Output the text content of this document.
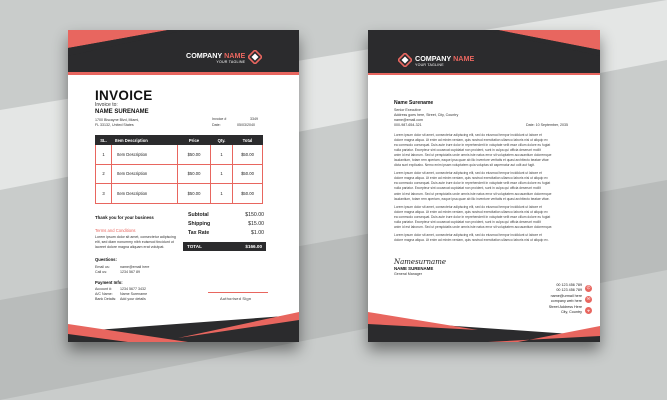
COMPANY NAME
YOUR TAGLINE
INVOICE
Invoice to:
NAME SURENAME
1700 Biscayne Blvd, Miami,
FL 33132, United States
Invoice #	3349
Date:	05/03/2040
SL.	Item Description	Price	Qty.	Total
1	Item Description	$50.00	1	$50.00
2	Item Description	$50.00	1	$50.00
3	Item Description	$50.00	1	$50.00
Thank you for your business
Terms and Conditions
Lorem ipsum dolor sit amet, consectetur adipiscing
elit, sed diam nonummy nibh euismod tincidunt ut
laoreet dolore magna aliquam erat volutpat.
Subtotal	$150.00
Shipping	$15.00
Tax Rate	$1.00
TOTAL	$166.00
Questions:
Email us:	name@email here
Call us:	1234 567 89
Payment Info:
Account #: 1234 5677 3432
A/C Name: Name Surename
Bank Details: Add your details	Authorised Sign
COMPANY NAME
YOUR TAGLINE
Name Surename
Senior Executive
Address goes here, Street, City, Country
name@email.com
000-987-654-321	Date: 10 September, 2035

Lorem ipsum dolor sit amet, consectetur adipiscing elit, sed do eiusmod tempor incididunt ut labore et
dolore magna aliqua. Ut enim ad minim veniam, quis nostrud exercitation ullamco laboris nisi ut aliquip ex
ea commodo consequat. Duis aute irure dolor in reprehenderit in voluptate velit esse cillum dolore eu fugiat
nulla pariatur. Excepteur sint occaecat cupidatat non proident, sunt in culpa qui officia deserunt mollit
anim id est laborum. Sed ut perspiciatis unde omnis iste natus error sit voluptatem accusantium doloremque
laudantium, totam rem aperiam, eaque ipsa quae ab illo inventore veritatis et quasi architecto beatae vitae
dicta sunt explicabo. Nemo enim ipsam voluptatem quia voluptas sit aspernatur aut odit aut fugit.

Lorem ipsum dolor sit amet, consectetur adipiscing elit, sed do eiusmod tempor incididunt ut labore et
dolore magna aliqua. Ut enim ad minim veniam, quis nostrud exercitation ullamco laboris nisi ut aliquip ex
ea commodo consequat. Duis aute irure dolor in reprehenderit in voluptate velit esse cillum dolore eu fugiat
nulla pariatur. Excepteur sint occaecat cupidatat non proident, sunt in culpa qui officia deserunt mollit
anim id est laborum. Sed ut perspiciatis unde omnis iste natus error sit voluptatem accusantium doloremque
laudantium, totam rem aperiam, eaque ipsa quae ab illo inventore veritatis et quasi architecto beatae vitae.

Lorem ipsum dolor sit amet, consectetur adipiscing elit, sed do eiusmod tempor incididunt ut labore et
dolore magna aliqua. Ut enim ad minim veniam, quis nostrud exercitation ullamco laboris nisi ut aliquip ex
ea commodo consequat. Duis aute irure dolor in reprehenderit in voluptate velit esse cillum dolore eu fugiat
nulla pariatur. Excepteur sint occaecat cupidatat non proident, sunt in culpa qui officia deserunt mollit
anim id est laborum. Sed ut perspiciatis unde omnis iste natus error sit voluptatem accusantium doloremque.

Lorem ipsum dolor sit amet, consectetur adipiscing elit, sed do eiusmod tempor incididunt ut labore et
dolore magna aliqua. Ut enim ad minim veniam, quis nostrud exercitation ullamco laboris nisi ut aliquip ex.

Namesurname
NAME SURENAME
General Manager
00 123 456 789
00 123 456 789	✆
name@urmail here
company web here	✉
Street Address Here
City, Country	⌖
